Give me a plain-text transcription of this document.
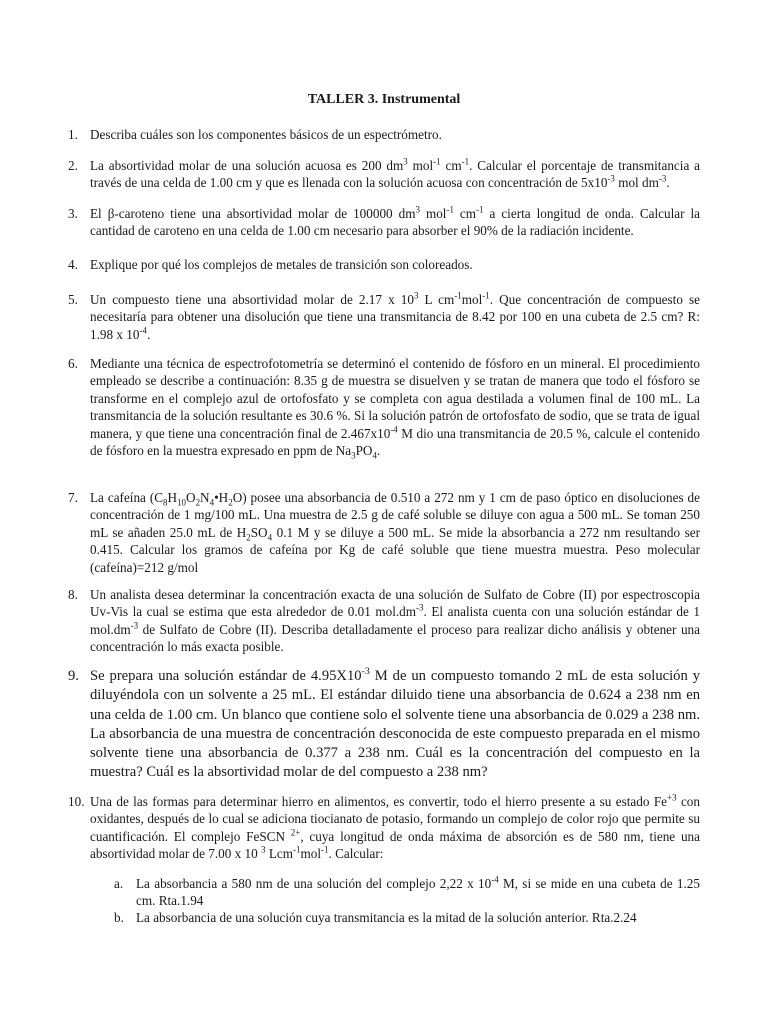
TALLER 3. Instrumental
1. Describa cuáles son los componentes básicos de un espectrómetro.
2. La absortividad molar de una solución acuosa es 200 $dm^3$ mol$^{-1}$ $cm^{-1}$. Calcular el porcentaje de transmitancia a través de una celda de 1.00 cm y que es llenada con la solución acuosa con concentración de $5x10^{-3}$ mol $dm^{-3}$.
3. El β-caroteno tiene una absortividad molar de 100000 $dm^3$ mol$^{-1}$ $cm^{-1}$ a cierta longitud de onda. Calcular la cantidad de caroteno en una celda de 1.00 cm necesario para absorber el 90% de la radiación incidente.
4. Explique por qué los complejos de metales de transición son coloreados.
5. Un compuesto tiene una absortividad molar de 2.17 x $10^3$ L $cm^{-1}mol^{-1}$. Que concentración de compuesto se necesitaría para obtener una disolución que tiene una transmitancia de 8.42 por 100 en una cubeta de 2.5 cm? R: 1.98 x $10^{-4}$.
6. Mediante una técnica de espectrofotometría se determinó el contenido de fósforo en un mineral. El procedimiento empleado se describe a continuación: 8.35 g de muestra se disuelven y se tratan de manera que todo el fósforo se transforme en el complejo azul de ortofosfato y se completa con agua destilada a volumen final de 100 mL. La transmitancia de la solución resultante es 30.6 %. Si la solución patrón de ortofosfato de sodio, que se trata de igual manera, y que tiene una concentración final de $2.467x10^{-4}$ M dio una transmitancia de 20.5 %, calcule el contenido de fósforo en la muestra expresado en ppm de $Na_3PO_4$.
7. La cafeína $(C_8H_{10}O_2N_4•H_2O)$ posee una absorbancia de 0.510 a 272 nm y 1 cm de paso óptico en disoluciones de concentración de 1 mg/100 mL. Una muestra de 2.5 g de café soluble se diluye con agua a 500 mL. Se toman 250 mL se añaden 25.0 mL de $H_2SO_4$ 0.1 M y se diluye a 500 mL. Se mide la absorbancia a 272 nm resultando ser 0.415. Calcular los gramos de cafeína por Kg de café soluble que tiene muestra muestra. Peso molecular (cafeína)=212 g/mol
8. Un analista desea determinar la concentración exacta de una solución de Sulfato de Cobre (II) por espectroscopia Uv-Vis la cual se estima que esta alrededor de 0.01 $mol.dm^{-3}$. El analista cuenta con una solución estándar de 1 $mol.dm^{-3}$ de Sulfato de Cobre (II). Describa detalladamente el proceso para realizar dicho análisis y obtener una concentración lo más exacta posible.
9. Se prepara una solución estándar de $4.95X10^{-3}$ M de un compuesto tomando 2 mL de esta solución y diluyéndola con un solvente a 25 mL. El estándar diluido tiene una absorbancia de 0.624 a 238 nm en una celda de 1.00 cm. Un blanco que contiene solo el solvente tiene una absorbancia de 0.029 a 238 nm. La absorbancia de una muestra de concentración desconocida de este compuesto preparada en el mismo solvente tiene una absorbancia de 0.377 a 238 nm. Cuál es la concentración del compuesto en la muestra? Cuál es la absortividad molar de del compuesto a 238 nm?
10. Una de las formas para determinar hierro en alimentos, es convertir, todo el hierro presente a su estado $Fe^{+3}$ con oxidantes, después de lo cual se adiciona tiocianato de potasio, formando un complejo de color rojo que permite su cuantificación. El complejo FeSCN $^{2+}$, cuya longitud de onda máxima de absorción es de 580 nm, tiene una absortividad molar de 7.00 x 10 $^3$ Lcm$^{-1}$mol$^{-1}$. Calcular:
a. La absorbancia a 580 nm de una solución del complejo 2,22 x $10^{-4}$ M, si se mide en una cubeta de 1.25 cm. Rta.1.94
b. La absorbancia de una solución cuya transmitancia es la mitad de la solución anterior. Rta.2.24
